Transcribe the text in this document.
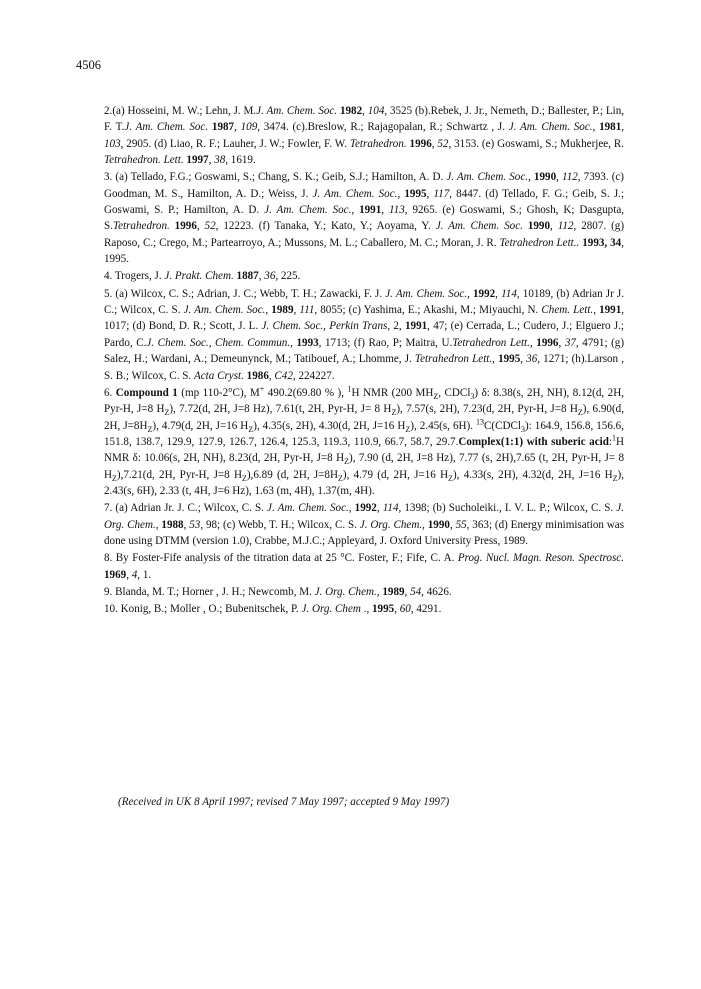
4506

2.(a) Hosseini, M. W.; Lehn, J. M.J. Am. Chem. Soc. 1982, 104, 3525 (b).Rebek, J. Jr., Nemeth, D.; Ballester, P.; Lin, F. T.J. Am. Chem. Soc. 1987, 109, 3474. (c).Breslow, R.; Rajagopalan, R.; Schwartz , J. J. Am. Chem. Soc., 1981, 103, 2905. (d) Liao, R. F.; Lauher, J. W.; Fowler, F. W. Tetrahedron. 1996, 52, 3153. (e) Goswami, S.; Mukherjee, R. Tetrahedron. Lett. 1997, 38, 1619.

3. (a) Tellado, F.G.; Goswami, S.; Chang, S. K.; Geib, S.J.; Hamilton, A. D. J. Am. Chem. Soc., 1990, 112, 7393. (c) Goodman, M. S., Hamilton, A. D.; Weiss, J. J. Am. Chem. Soc., 1995, 117, 8447. (d) Tellado, F. G.; Geib, S. J.; Goswami, S. P.; Hamilton, A. D. J. Am. Chem. Soc., 1991, 113, 9265. (e) Goswami, S.; Ghosh, K; Dasgupta, S.Tetrahedron. 1996, 52, 12223. (f) Tanaka, Y.; Kato, Y.; Aoyama, Y. J. Am. Chem. Soc. 1990, 112, 2807. (g) Raposo, C.; Crego, M.; Partearroyo, A.; Mussons, M. L.; Caballero, M. C.; Moran, J. R. Tetrahedron Lett.. 1993, 34, 1995.

4. Trogers, J. J. Prakt. Chem. 1887, 36, 225.

5. (a) Wilcox, C. S.; Adrian, J. C.; Webb, T. H.; Zawacki, F. J. J. Am. Chem. Soc., 1992, 114, 10189, (b) Adrian Jr J. C.; Wilcox, C. S. J. Am. Chem. Soc., 1989, 111, 8055; (c) Yashima, E.; Akashi, M.; Miyauchi, N. Chem. Lett., 1991, 1017; (d) Bond, D. R.; Scott, J. L. J. Chem. Soc., Perkin Trans, 2, 1991, 47; (e) Cerrada, L.; Cudero, J.; Elguero J.; Pardo, C.J. Chem. Soc., Chem. Commun., 1993, 1713; (f) Rao, P; Maitra, U.Tetrahedron Lett., 1996, 37, 4791; (g) Salez, H.; Wardani, A.; Demeunynck, M.; Tatibouef, A.; Lhomme, J. Tetrahedron Lett., 1995, 36, 1271; (h).Larson , S. B.; Wilcox, C. S. Acta Cryst. 1986, C42, 224227.

6. Compound 1 (mp 110-2°C), M+ 490.2(69.80 % ), $^1$H NMR (200 $MH_Z$, CDCl$_3$) δ: 8.38(s, 2H, NH), 8.12(d, 2H, Pyr-H, J=8 $H_Z$), 7.72(d, 2H, J=8 Hz), 7.61(t, 2H, Pyr-H, J= 8 $H_Z$), 7.57(s, 2H), 7.23(d, 2H, Pyr-H, J=8 $H_Z$), 6.90(d, 2H, $J=8H_Z$), 4.79(d, 2H, J=16 $H_Z$), 4.35(s, 2H), 4.30(d, 2H, J=16 $H_Z$), 2.45(s, 6H). $^{13}$C(CDCl$_3$): 164.9, 156.8, 156.6, 151.8, 138.7, 129.9, 127.9, 126.7, 126.4, 125.3, 119.3, 110.9, 66.7, 58.7, 29.7.Complex(1:1) with suberic acid:$^1$H NMR δ: 10.06(s, 2H, NH), 8.23(d, 2H, Pyr-H, J=8 $H_Z$), 7.90 (d, 2H, J=8 Hz), 7.77 (s, 2H),7.65 (t, 2H, Pyr-H, J= 8 $H_Z),7.21(d$, 2H, Pyr-H, J=8 $H_Z),6.89$ (d, 2H, $J=8H_Z$), 4.79 (d, 2H, J=16 $H_Z$), 4.33(s, 2H), 4.32(d, 2H, J=16 $H_Z$), 2.43(s, 6H), 2.33 (t, 4H, J=6 Hz), 1.63 (m, 4H), 1.37(m, 4H).

7. (a) Adrian Jr. J. C.; Wilcox, C. S. J. Am. Chem. Soc., 1992, 114, 1398; (b) Sucholeiki., I. V. L. P.; Wilcox, C. S. J. Org. Chem., 1988, 53, 98; (c) Webb, T. H.; Wilcox, C. S. J. Org. Chem., 1990, 55, 363; (d) Energy minimisation was done using DTMM (version 1.0), Crabbe, M.J.C.; Appleyard, J. Oxford University Press, 1989.

8. By Foster-Fife analysis of the titration data at 25 °C. Foster, F.; Fife, C. A. Prog. Nucl. Magn. Reson. Spectrosc. 1969, 4, 1.

9. Blanda, M. T.; Horner , J. H.; Newcomb, M. J. Org. Chem., 1989, 54, 4626.

10. Konig, B.; Moller , O.; Bubenitschek, P. J. Org. Chem ., 1995, 60, 4291.

(Received in UK 8 April 1997; revised 7 May 1997; accepted 9 May 1997)
